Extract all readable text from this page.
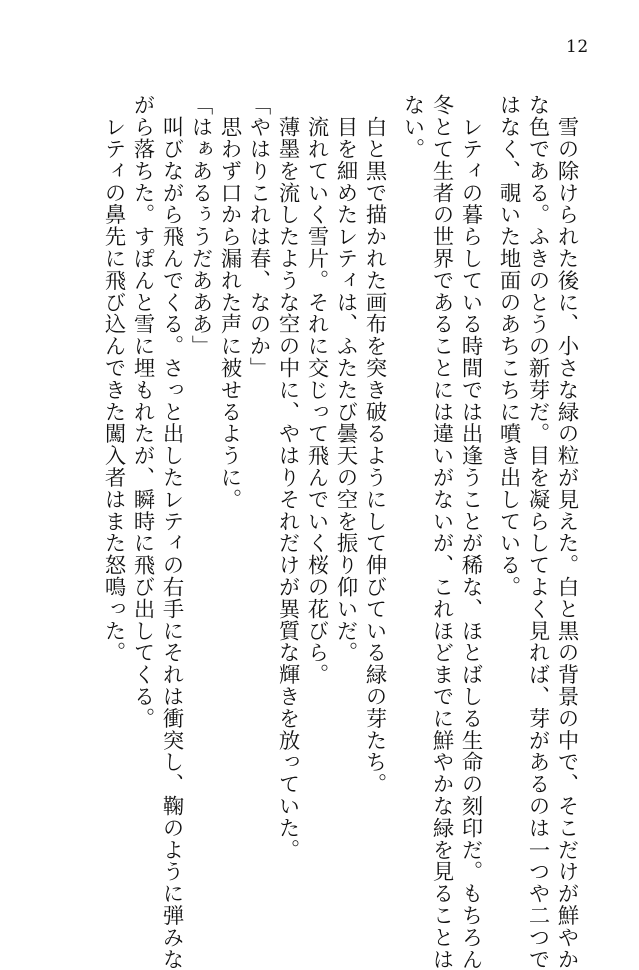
12
　雪の除けられた後に、小さな緑の粒が見えた。白と黒の背景の中で、そこだけが鮮やか
な色である。ふきのとうの新芽だ。目を凝らしてよく見れば、芽があるのは一つや二つで
はなく、覗いた地面のあちこちに噴き出している。
　レティの暮らしている時間では出逢うことが稀な、ほとばしる生命の刻印だ。もちろん
冬とて生者の世界であることには違いがないが、これほどまでに鮮やかな緑を見ることは
ない。
　白と黒で描かれた画布を突き破るようにして伸びている緑の芽たち。
　目を細めたレティは、ふたたび曇天の空を振り仰いだ。
　流れていく雪片。それに交じって飛んでいく桜の花びら。
　薄墨を流したような空の中に、やはりそれだけが異質な輝きを放っていた。
「やはりこれは春、なのか」
　思わず口から漏れた声に被せるように。
「はぁあるぅうだあああ」
　叫びながら飛んでくる。さっと出したレティの右手にそれは衝突し、鞠のように弾みな
がら落ちた。すぽんと雪に埋もれたが、瞬時に飛び出してくる。
　レティの鼻先に飛び込んできた闖入者はまた怒鳴った。
